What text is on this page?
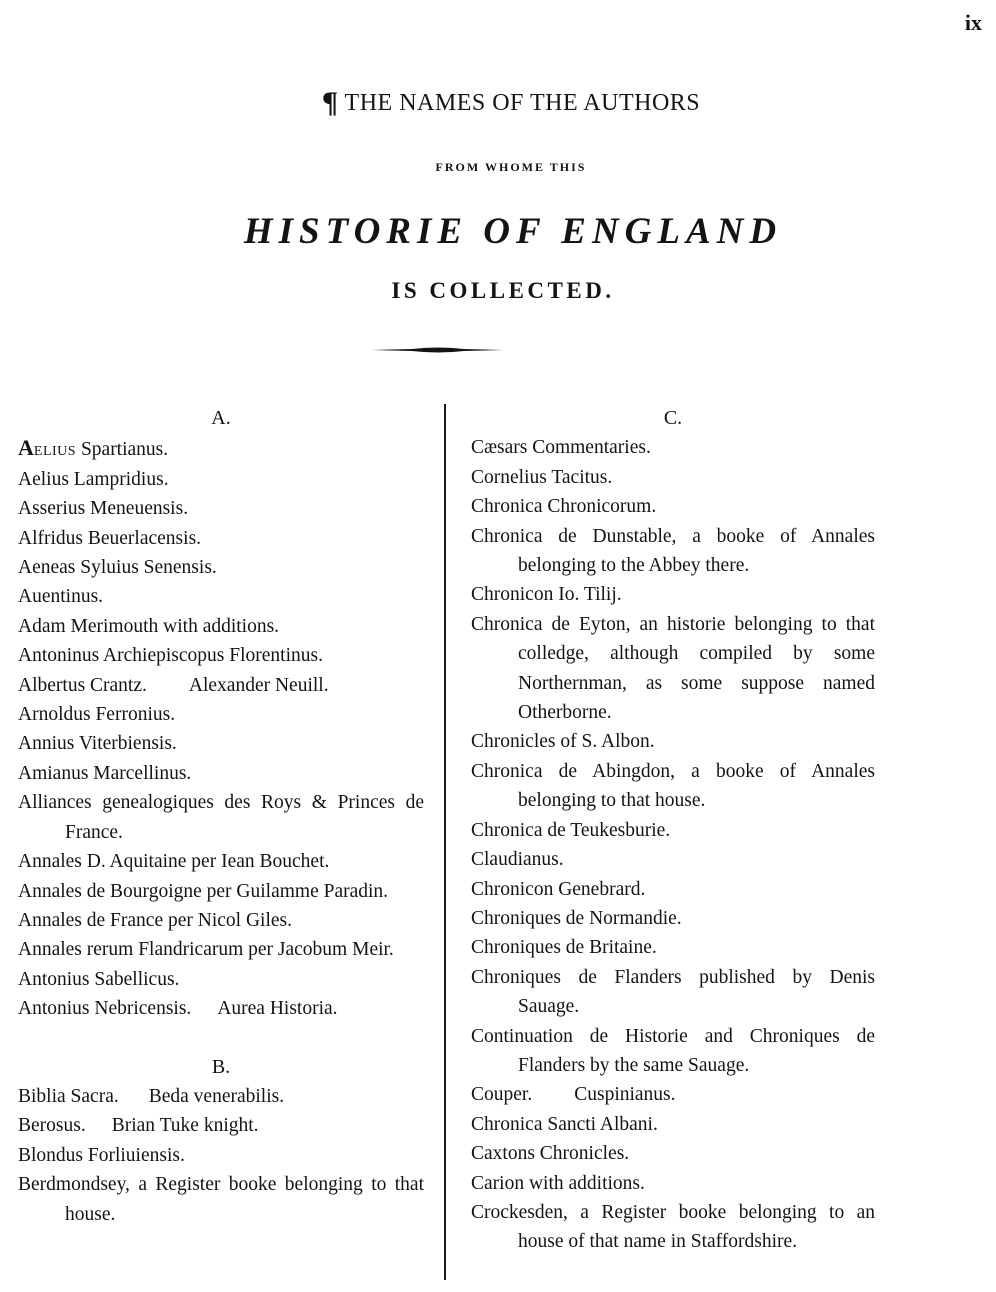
ix
¶ THE NAMES OF THE AUTHORS
FROM WHOME THIS
HISTORIE OF ENGLAND
IS COLLECTED.

A.

Aelius Spartianus.

Aelius Lampridius.

Asserius Meneuensis.

Alfridus Beuerlacensis.

Aeneas Syluius Senensis.

Auentinus.

Adam Merimouth with additions.

Antoninus Archiepiscopus Florentinus.

Albertus Crantz. Alexander Neuill.

Arnoldus Ferronius.

Annius Viterbiensis.

Amianus Marcellinus.

Alliances genealogiques des Roys & Princes de France.

Annales D. Aquitaine per Iean Bouchet.

Annales de Bourgoigne per Guilamme Paradin.

Annales de France per Nicol Giles.

Annales rerum Flandricarum per Jacobum Meir.

Antonius Sabellicus.

Antonius Nebricensis. Aurea Historia.

B.

Biblia Sacra. Beda venerabilis.

Berosus. Brian Tuke knight.

Blondus Forliuiensis.

Berdmondsey, a Register booke belonging to that house.

C.

Cæsars Commentaries.

Cornelius Tacitus.

Chronica Chronicorum.

Chronica de Dunstable, a booke of Annales belonging to the Abbey there.

Chronicon Io. Tilij.

Chronica de Eyton, an historie belonging to that colledge, although compiled by some Northernman, as some suppose named Otherborne.

Chronicles of S. Albon.

Chronica de Abingdon, a booke of Annales belonging to that house.

Chronica de Teukesburie.

Claudianus.

Chronicon Genebrard.

Chroniques de Normandie.

Chroniques de Britaine.

Chroniques de Flanders published by Denis Sauage.

Continuation de Historie and Chroniques de Flanders by the same Sauage.

Couper. Cuspinianus.

Chronica Sancti Albani.

Caxtons Chronicles.

Carion with additions.

Crockesden, a Register booke belonging to an house of that name in Staffordshire.
